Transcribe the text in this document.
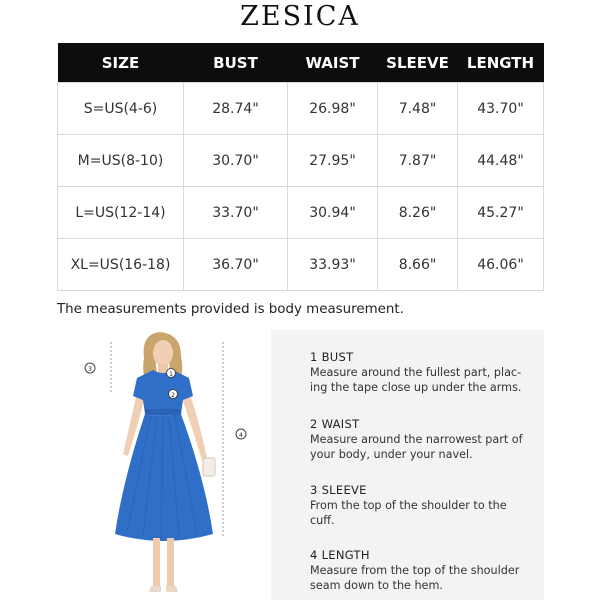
ZESICA
SIZE	BUST	WAIST	SLEEVE	LENGTH
S=US(4-6)	28.74"	26.98"	7.48"	43.70"
M=US(8-10)	30.70"	27.95"	7.87"	44.48"
L=US(12-14)	33.70"	30.94"	8.26"	45.27"
XL=US(16-18)	36.70"	33.93"	8.66"	46.06"
The measurements provided is body measurement.
1
2
3
4
1 BUST
Measure around the fullest part, plac-
ing the tape close up under the arms.
2 WAIST
Measure around the narrowest part of
your body, under your navel.
3 SLEEVE
From the top of the shoulder to the
cuff.
4 LENGTH
Measure from the top of the shoulder
seam down to the hem.
